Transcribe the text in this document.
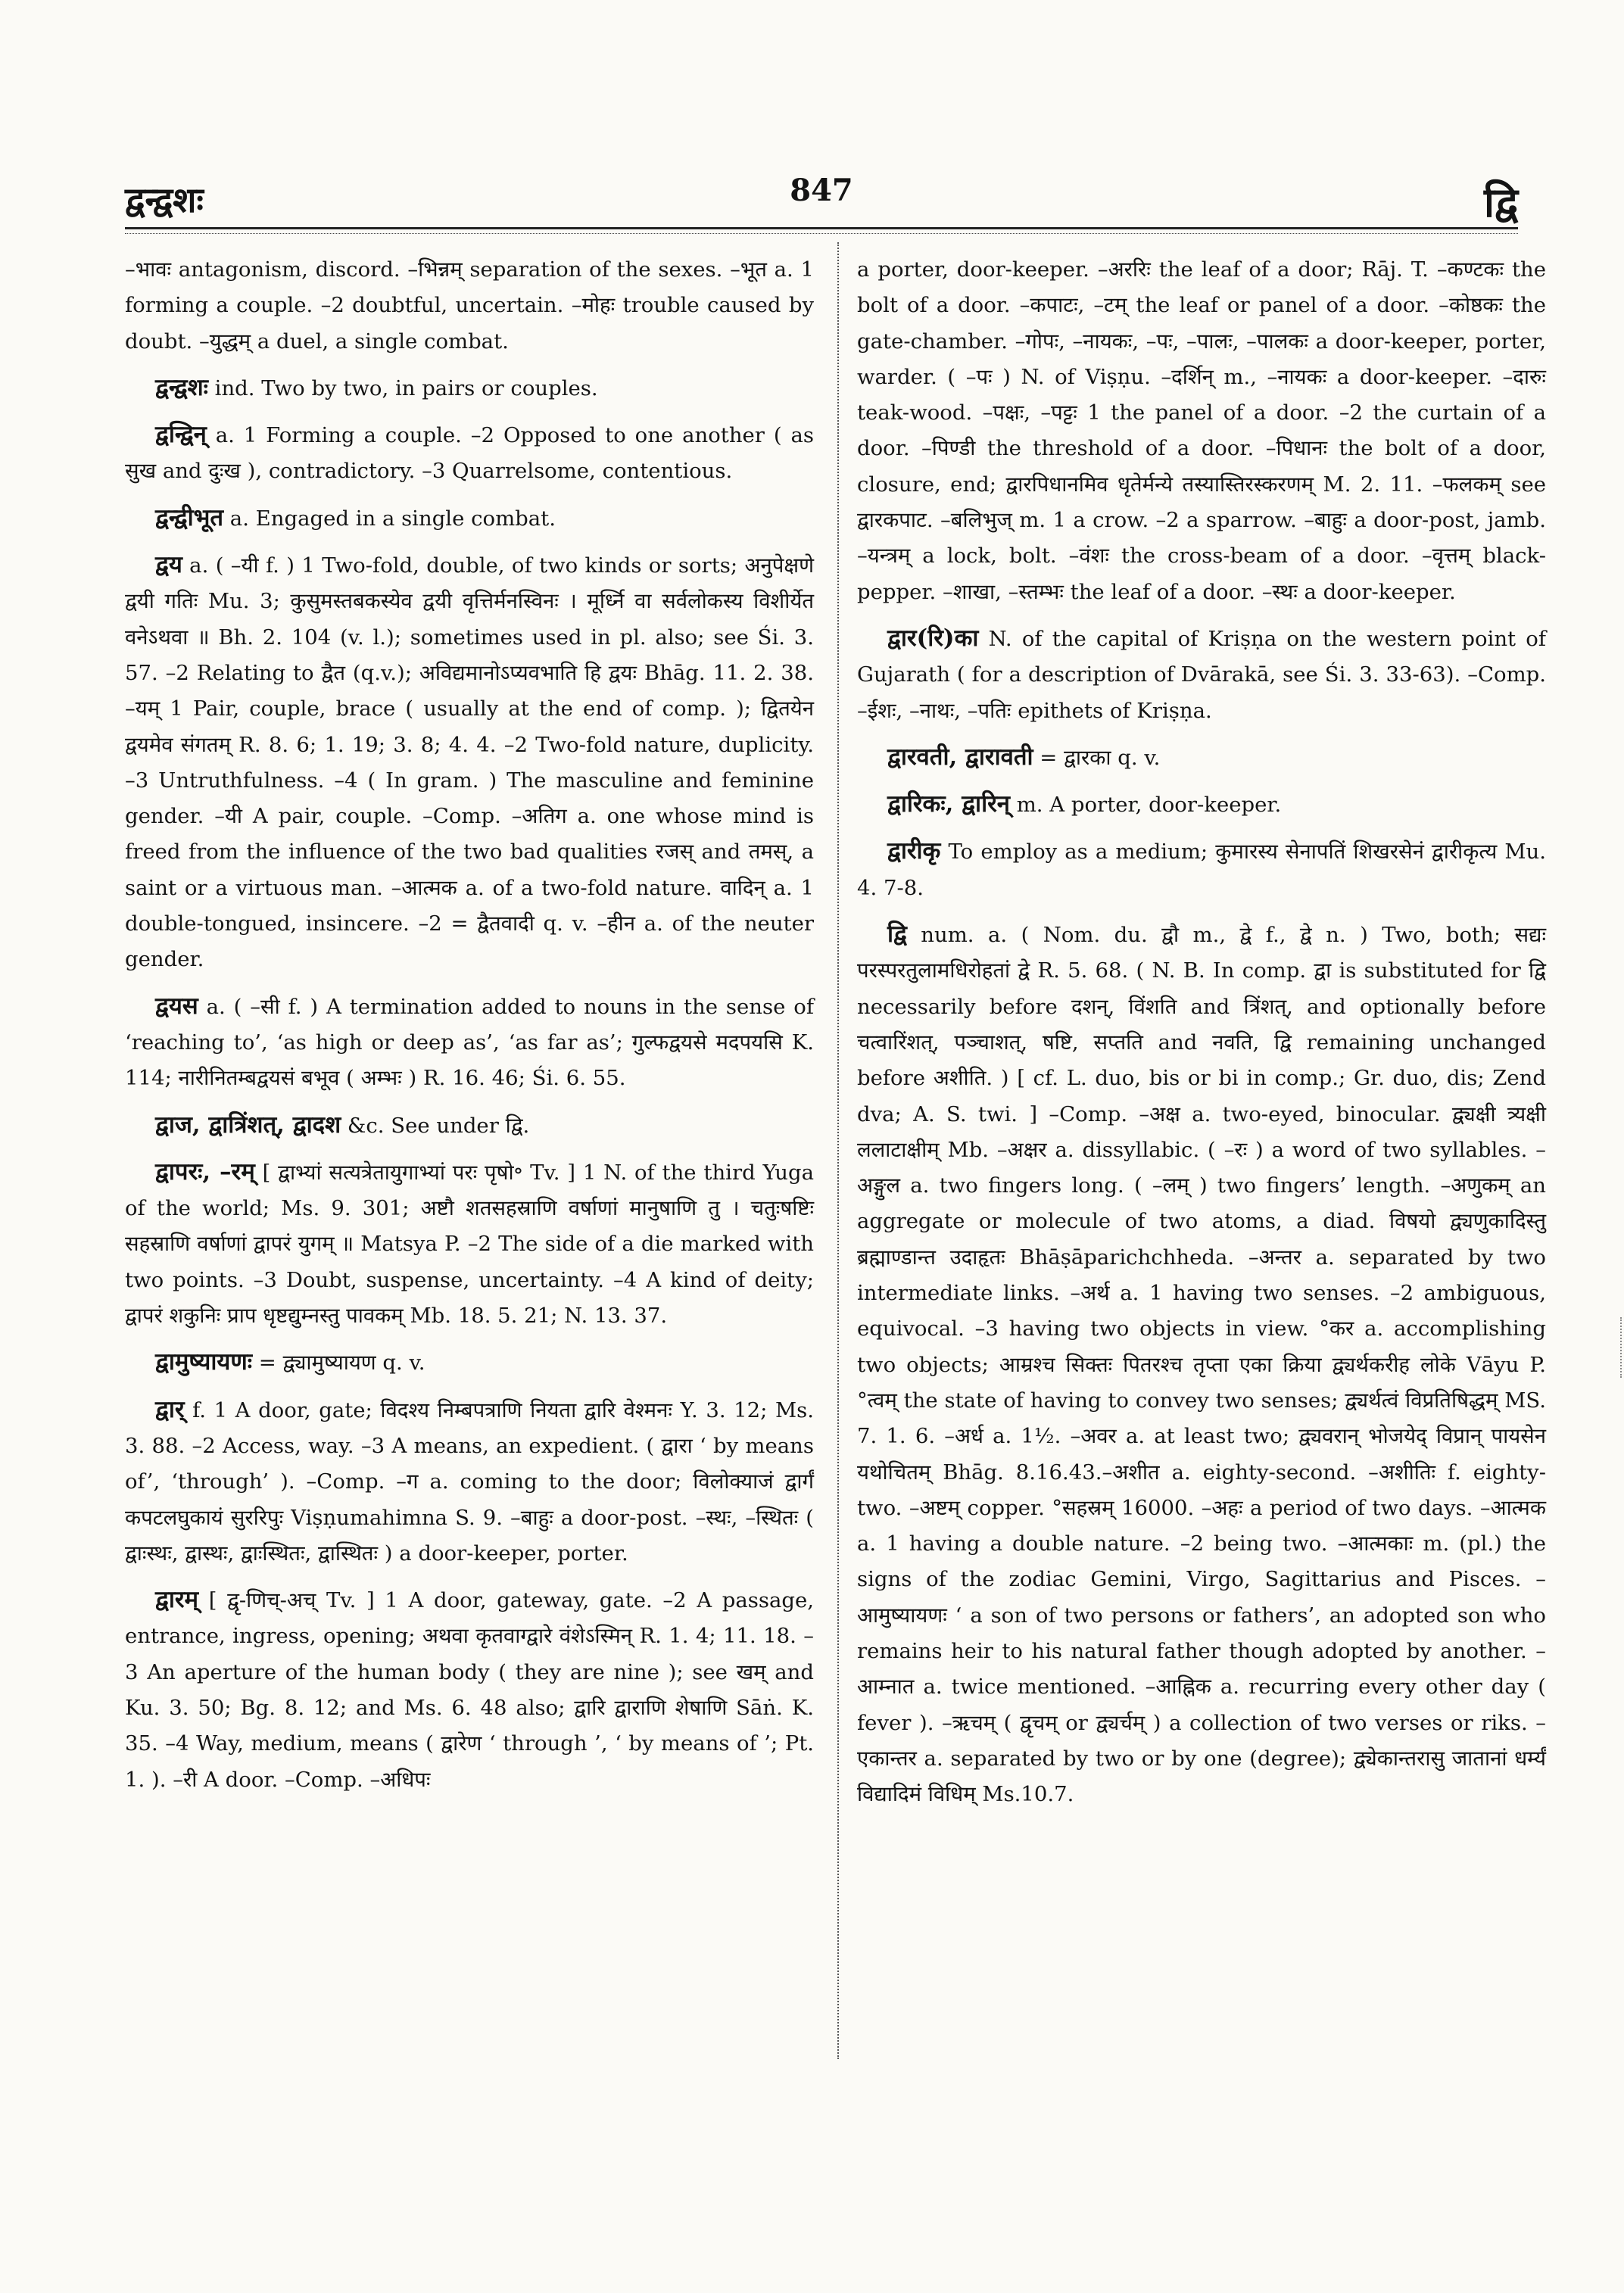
द्वन्द्वशः	847	द्वि

–भावः antagonism, discord. –भिन्नम् separation of the sexes. –भूत a. 1 forming a couple. –2 doubtful, uncertain. –मोहः trouble caused by doubt. –युद्धम् a duel, a single combat.

द्वन्द्वशः ind. Two by two, in pairs or couples.

द्वन्द्विन् a. 1 Forming a couple. –2 Opposed to one another ( as सुख and दुःख ), contradictory. –3 Quarrelsome, contentious.

द्वन्द्वीभूत a. Engaged in a single combat.

द्वय a. ( –यी f. ) 1 Two-fold, double, of two kinds or sorts; अनुपेक्षणे द्वयी गतिः Mu. 3; कुसुमस्तबकस्येव द्वयी वृत्तिर्मनस्विनः । मूर्ध्नि वा सर्वलोकस्य विशीर्येत वनेऽथवा ॥ Bh. 2. 104 (v. l.); sometimes used in pl. also; see Śi. 3. 57. –2 Relating to द्वैत (q.v.); अविद्यमानोऽप्यवभाति हि द्वयः Bhāg. 11. 2. 38. –यम् 1 Pair, couple, brace ( usually at the end of comp. ); द्वितयेन द्वयमेव संगतम् R. 8. 6; 1. 19; 3. 8; 4. 4. –2 Two-fold nature, duplicity. –3 Untruthfulness. –4 ( In gram. ) The masculine and feminine gender. –यी A pair, couple. –Comp. –अतिग a. one whose mind is freed from the influence of the two bad qualities रजस् and तमस्, a saint or a virtuous man. –आत्मक a. of a two-fold nature. वादिन् a. 1 double-tongued, insincere. –2 = द्वैतवादी q. v. –हीन a. of the neuter gender.

द्वयस a. ( –सी f. ) A termination added to nouns in the sense of ‘reaching to’, ‘as high or deep as’, ‘as far as’; गुल्फद्वयसे मदपयसि K. 114; नारीनितम्बद्वयसं बभूव ( अम्भः ) R. 16. 46; Śi. 6. 55.

द्वाज, द्वात्रिंशत्, द्वादश &c. See under द्वि.

द्वापरः, –रम् [ द्वाभ्यां सत्यत्रेतायुगाभ्यां परः पृषो॰ Tv. ] 1 N. of the third Yuga of the world; Ms. 9. 301; अष्टौ शतसहस्राणि वर्षाणां मानुषाणि तु । चतुःषष्टिः सहस्राणि वर्षाणां द्वापरं युगम् ॥ Matsya P. –2 The side of a die marked with two points. –3 Doubt, suspense, uncertainty. –4 A kind of deity; द्वापरं शकुनिः प्राप धृष्टद्युम्नस्तु पावकम् Mb. 18. 5. 21; N. 13. 37.

द्वामुष्यायणः = द्व्यामुष्यायण q. v.

द्वार् f. 1 A door, gate; विदश्य निम्बपत्राणि नियता द्वारि वेश्मनः Y. 3. 12; Ms. 3. 88. –2 Access, way. –3 A means, an expedient. ( द्वारा ‘ by means of’, ‘through’ ). –Comp. –ग a. coming to the door; विलोक्याजं द्वार्गं कपटलघुकायं सुररिपुः Viṣṇumahimna S. 9. –बाहुः a door-post. –स्थः, –स्थितः ( द्वाःस्थः, द्वास्थः, द्वाःस्थितः, द्वास्थितः ) a door-keeper, porter.

द्वारम् [ द्वृ-णिच्-अच् Tv. ] 1 A door, gateway, gate. –2 A passage, entrance, ingress, opening; अथवा कृतवाग्द्वारे वंशेऽस्मिन् R. 1. 4; 11. 18. –3 An aperture of the human body ( they are nine ); see खम् and Ku. 3. 50; Bg. 8. 12; and Ms. 6. 48 also; द्वारि द्वाराणि शेषाणि Sāṅ. K. 35. –4 Way, medium, means ( द्वारेण ‘ through ’, ‘ by means of ’; Pt. 1. ). –री A door. –Comp. –अधिपः

a porter, door-keeper. –अररिः the leaf of a door; Rāj. T. –कण्टकः the bolt of a door. –कपाटः, –टम् the leaf or panel of a door. –कोष्ठकः the gate-chamber. –गोपः, –नायकः, –पः, –पालः, –पालकः a door-keeper, porter, warder. ( –पः ) N. of Viṣṇu. –दर्शिन् m., –नायकः a door-keeper. –दारुः teak-wood. –पक्षः, –पट्टः 1 the panel of a door. –2 the curtain of a door. –पिण्डी the threshold of a door. –पिधानः the bolt of a door, closure, end; द्वारपिधानमिव धृतेर्मन्ये तस्यास्तिरस्करणम् M. 2. 11. –फलकम् see द्वारकपाट. –बलिभुज् m. 1 a crow. –2 a sparrow. –बाहुः a door-post, jamb. –यन्त्रम् a lock, bolt. –वंशः the cross-beam of a door. –वृत्तम् black-pepper. –शाखा, –स्तम्भः the leaf of a door. –स्थः a door-keeper.

द्वार(रि)का N. of the capital of Kriṣṇa on the western point of Gujarath ( for a description of Dvārakā, see Śi. 3. 33-63). –Comp. –ईशः, –नाथः, –पतिः epithets of Kriṣṇa.

द्वारवती, द्वारावती = द्वारका q. v.

द्वारिकः, द्वारिन् m. A porter, door-keeper.

द्वारीकृ To employ as a medium; कुमारस्य सेनापतिं शिखरसेनं द्वारीकृत्य Mu. 4. 7-8.

द्वि num. a. ( Nom. du. द्वौ m., द्वे f., द्वे n. ) Two, both; सद्यः परस्परतुलामधिरोहतां द्वे R. 5. 68. ( N. B. In comp. द्वा is substituted for द्वि necessarily before दशन्, विंशति and त्रिंशत्, and optionally before चत्वारिंशत्, पञ्चाशत्, षष्टि, सप्तति and नवति, द्वि remaining unchanged before अशीति. ) [ cf. L. duo, bis or bi in comp.; Gr. duo, dis; Zend dva; A. S. twi. ] –Comp. –अक्ष a. two-eyed, binocular. द्व्यक्षी त्र्यक्षी ललाटाक्षीम् Mb. –अक्षर a. dissyllabic. ( –रः ) a word of two syllables. –अङ्गुल a. two fingers long. ( –लम् ) two fingers’ length. –अणुकम् an aggregate or molecule of two atoms, a diad. विषयो द्व्यणुकादिस्तु ब्रह्माण्डान्त उदाहृतः Bhāṣāparichchheda. –अन्तर a. separated by two intermediate links. –अर्थ a. 1 having two senses. –2 ambiguous, equivocal. –3 having two objects in view. °कर a. accomplishing two objects; आम्रश्च सिक्तः पितरश्च तृप्ता एका क्रिया द्व्यर्थकरीह लोके Vāyu P. °त्वम् the state of having to convey two senses; द्व्यर्थत्वं विप्रतिषिद्धम् MS. 7. 1. 6. –अर्ध a. 1½. –अवर a. at least two; द्व्यवरान् भोजयेद् विप्रान् पायसेन यथोचितम् Bhāg. 8.16.43.–अशीत a. eighty-second. –अशीतिः f. eighty-two. –अष्टम् copper. °सहस्रम् 16000. –अहः a period of two days. –आत्मक a. 1 having a double nature. –2 being two. –आत्मकाः m. (pl.) the signs of the zodiac Gemini, Virgo, Sagittarius and Pisces. –आमुष्यायणः ‘ a son of two persons or fathers’, an adopted son who remains heir to his natural father though adopted by another. –आम्नात a. twice mentioned. –आह्निक a. recurring every other day ( fever ). –ऋचम् ( द्वृचम् or द्व्यर्चम् ) a collection of two verses or riks. –एकान्तर a. separated by two or by one (degree); द्व्येकान्तरासु जातानां धर्म्यं विद्यादिमं विधिम् Ms.10.7.
